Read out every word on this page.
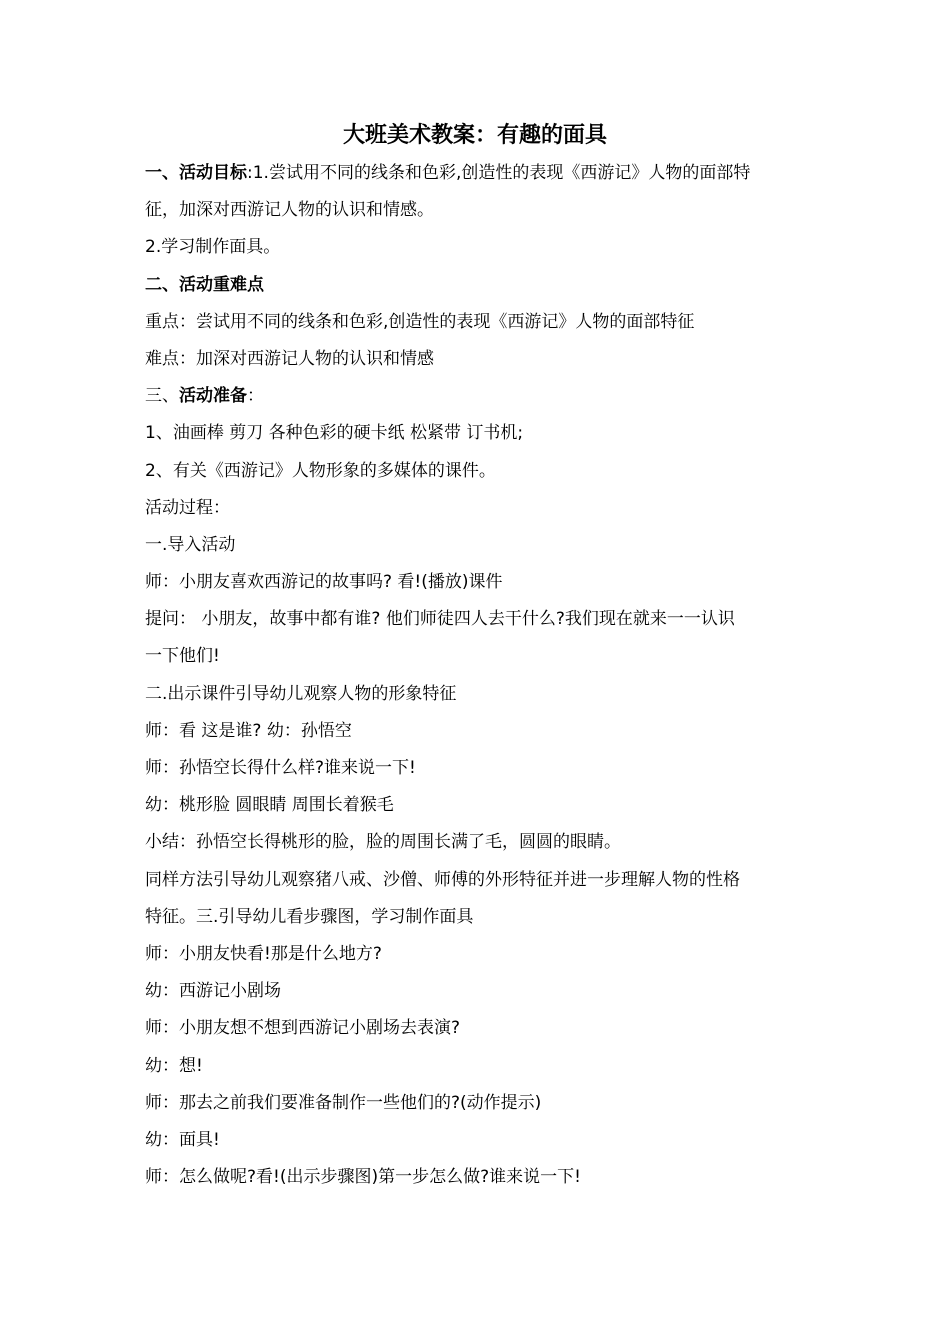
大班美术教案：有趣的面具
一、活动目标:1.尝试用不同的线条和色彩,创造性的表现《西游记》人物的面部特
征，加深对西游记人物的认识和情感。
2.学习制作面具。
二、活动重难点
重点：尝试用不同的线条和色彩,创造性的表现《西游记》人物的面部特征
难点：加深对西游记人物的认识和情感
三、活动准备：
1、油画棒 剪刀 各种色彩的硬卡纸 松紧带 订书机;
2、有关《西游记》人物形象的多媒体的课件。
活动过程：
一.导入活动
师：小朋友喜欢西游记的故事吗? 看!(播放)课件
提问： 小朋友，故事中都有谁? 他们师徒四人去干什么?我们现在就来一一认识
一下他们!
二.出示课件引导幼儿观察人物的形象特征
师：看 这是谁? 幼：孙悟空
师：孙悟空长得什么样?谁来说一下!
幼：桃形脸 圆眼睛 周围长着猴毛
小结：孙悟空长得桃形的脸，脸的周围长满了毛，圆圆的眼睛。
同样方法引导幼儿观察猪八戒、沙僧、师傅的外形特征并进一步理解人物的性格
特征。三.引导幼儿看步骤图，学习制作面具
师：小朋友快看!那是什么地方?
幼：西游记小剧场
师：小朋友想不想到西游记小剧场去表演?
幼：想!
师：那去之前我们要准备制作一些他们的?(动作提示)
幼：面具!
师：怎么做呢?看!(出示步骤图)第一步怎么做?谁来说一下!
